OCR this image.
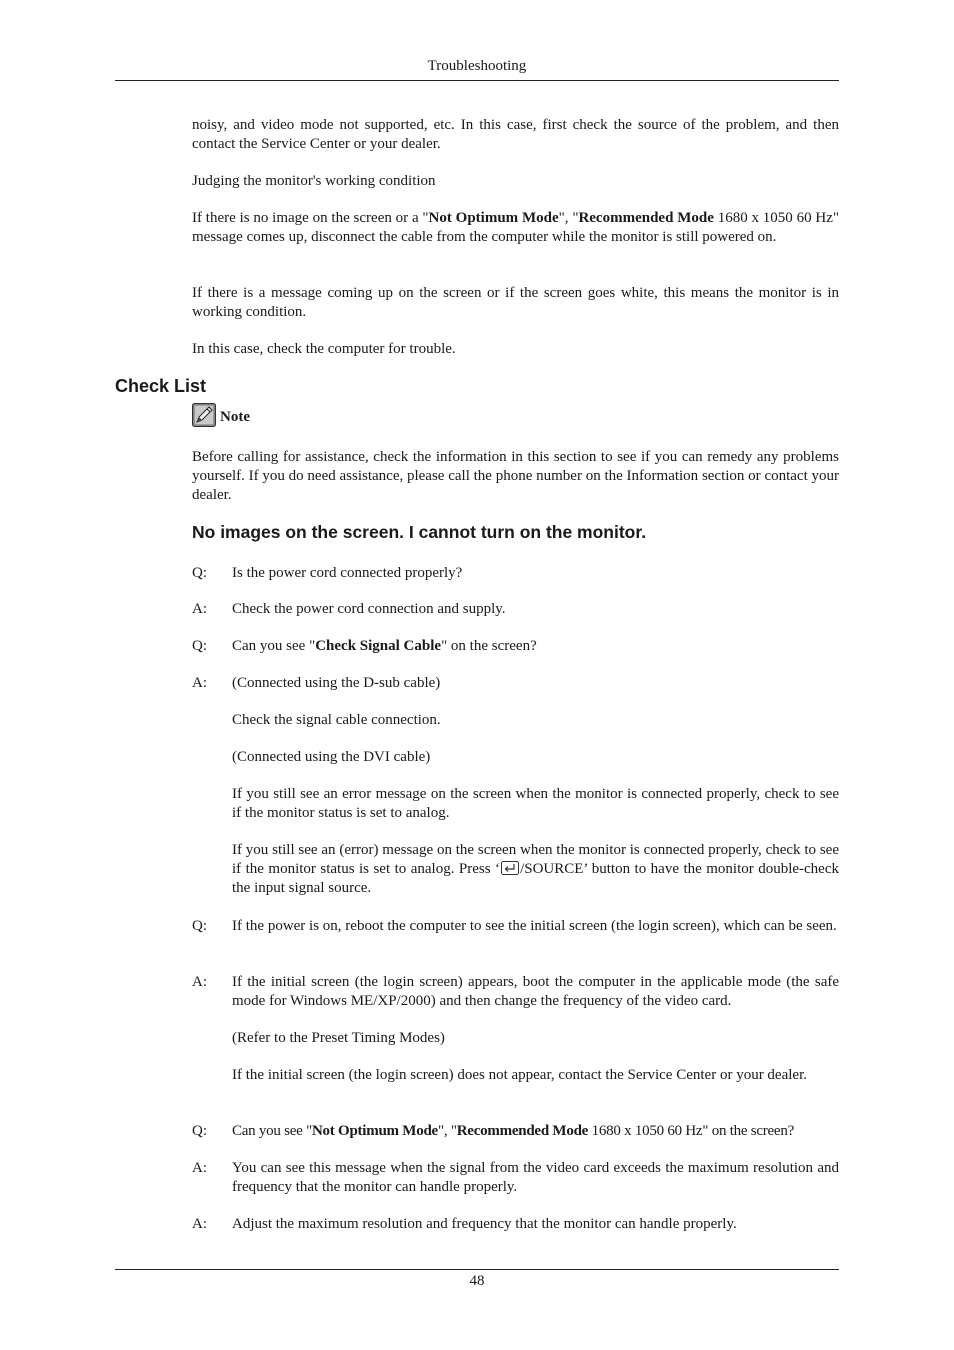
Troubleshooting

noisy, and video mode not supported, etc. In this case, first check the source of the problem, and then contact the Service Center or your dealer.

Judging the monitor's working condition

If there is no image on the screen or a "Not Optimum Mode", "Recommended Mode 1680 x 1050 60 Hz" message comes up, disconnect the cable from the computer while the monitor is still powered on.

If there is a message coming up on the screen or if the screen goes white, this means the monitor is in working condition.

In this case, check the computer for trouble.

Check List
Note

Before calling for assistance, check the information in this section to see if you can remedy any problems yourself. If you do need assistance, please call the phone number on the Information section or contact your dealer.

No images on the screen. I cannot turn on the monitor.
Q:	Is the power cord connected properly?

A:	Check the power cord connection and supply.

Q:	Can you see "Check Signal Cable" on the screen?

A:	(Connected using the D-sub cable)

Check the signal cable connection.

(Connected using the DVI cable)

If you still see an error message on the screen when the monitor is connected properly, check to see if the monitor status is set to analog.

If you still see an (error) message on the screen when the monitor is connected properly, check to see if the monitor status is set to analog. Press ‘ /SOURCE’ button to have the monitor double-check the input signal source.

Q:	If the power is on, reboot the computer to see the initial screen (the login screen), which can be seen.

A:	If the initial screen (the login screen) appears, boot the computer in the applicable mode (the safe mode for Windows ME/XP/2000) and then change the frequency of the video card.

(Refer to the Preset Timing Modes)

If the initial screen (the login screen) does not appear, contact the Service Center or your dealer.

Q:	Can you see "Not Optimum Mode", "Recommended Mode 1680 x 1050 60 Hz" on the screen?

A:	You can see this message when the signal from the video card exceeds the maximum resolution and frequency that the monitor can handle properly.

A:	Adjust the maximum resolution and frequency that the monitor can handle properly.

48
